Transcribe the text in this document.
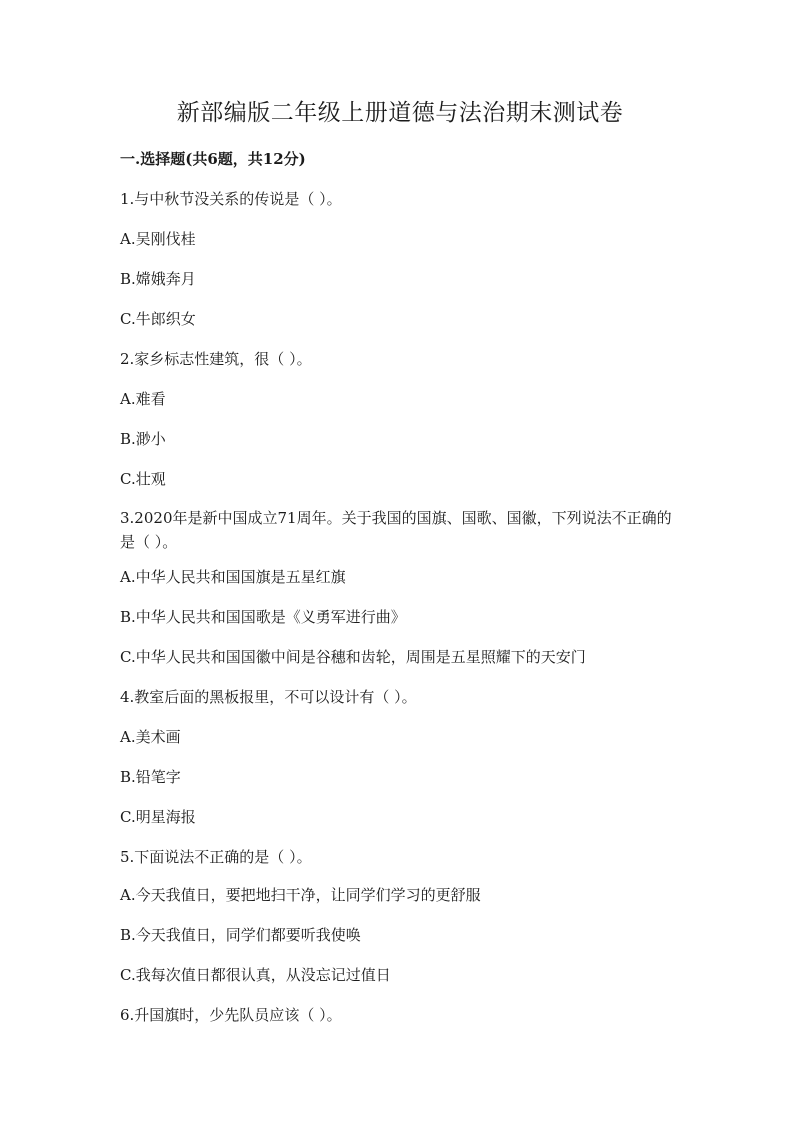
新部编版二年级上册道德与法治期末测试卷
一.选择题(共6题，共12分)
1.与中秋节没关系的传说是（ ）。
A.吴刚伐桂
B.嫦娥奔月
C.牛郎织女
2.家乡标志性建筑，很（ ）。
A.难看
B.渺小
C.壮观
3.2020年是新中国成立71周年。关于我国的国旗、国歌、国徽，下列说法不正确的是（ ）。
A.中华人民共和国国旗是五星红旗
B.中华人民共和国国歌是《义勇军进行曲》
C.中华人民共和国国徽中间是谷穗和齿轮，周围是五星照耀下的天安门
4.教室后面的黑板报里，不可以设计有（ ）。
A.美术画
B.铅笔字
C.明星海报
5.下面说法不正确的是（ ）。
A.今天我值日，要把地扫干净，让同学们学习的更舒服
B.今天我值日，同学们都要听我使唤
C.我每次值日都很认真，从没忘记过值日
6.升国旗时，少先队员应该（ ）。
